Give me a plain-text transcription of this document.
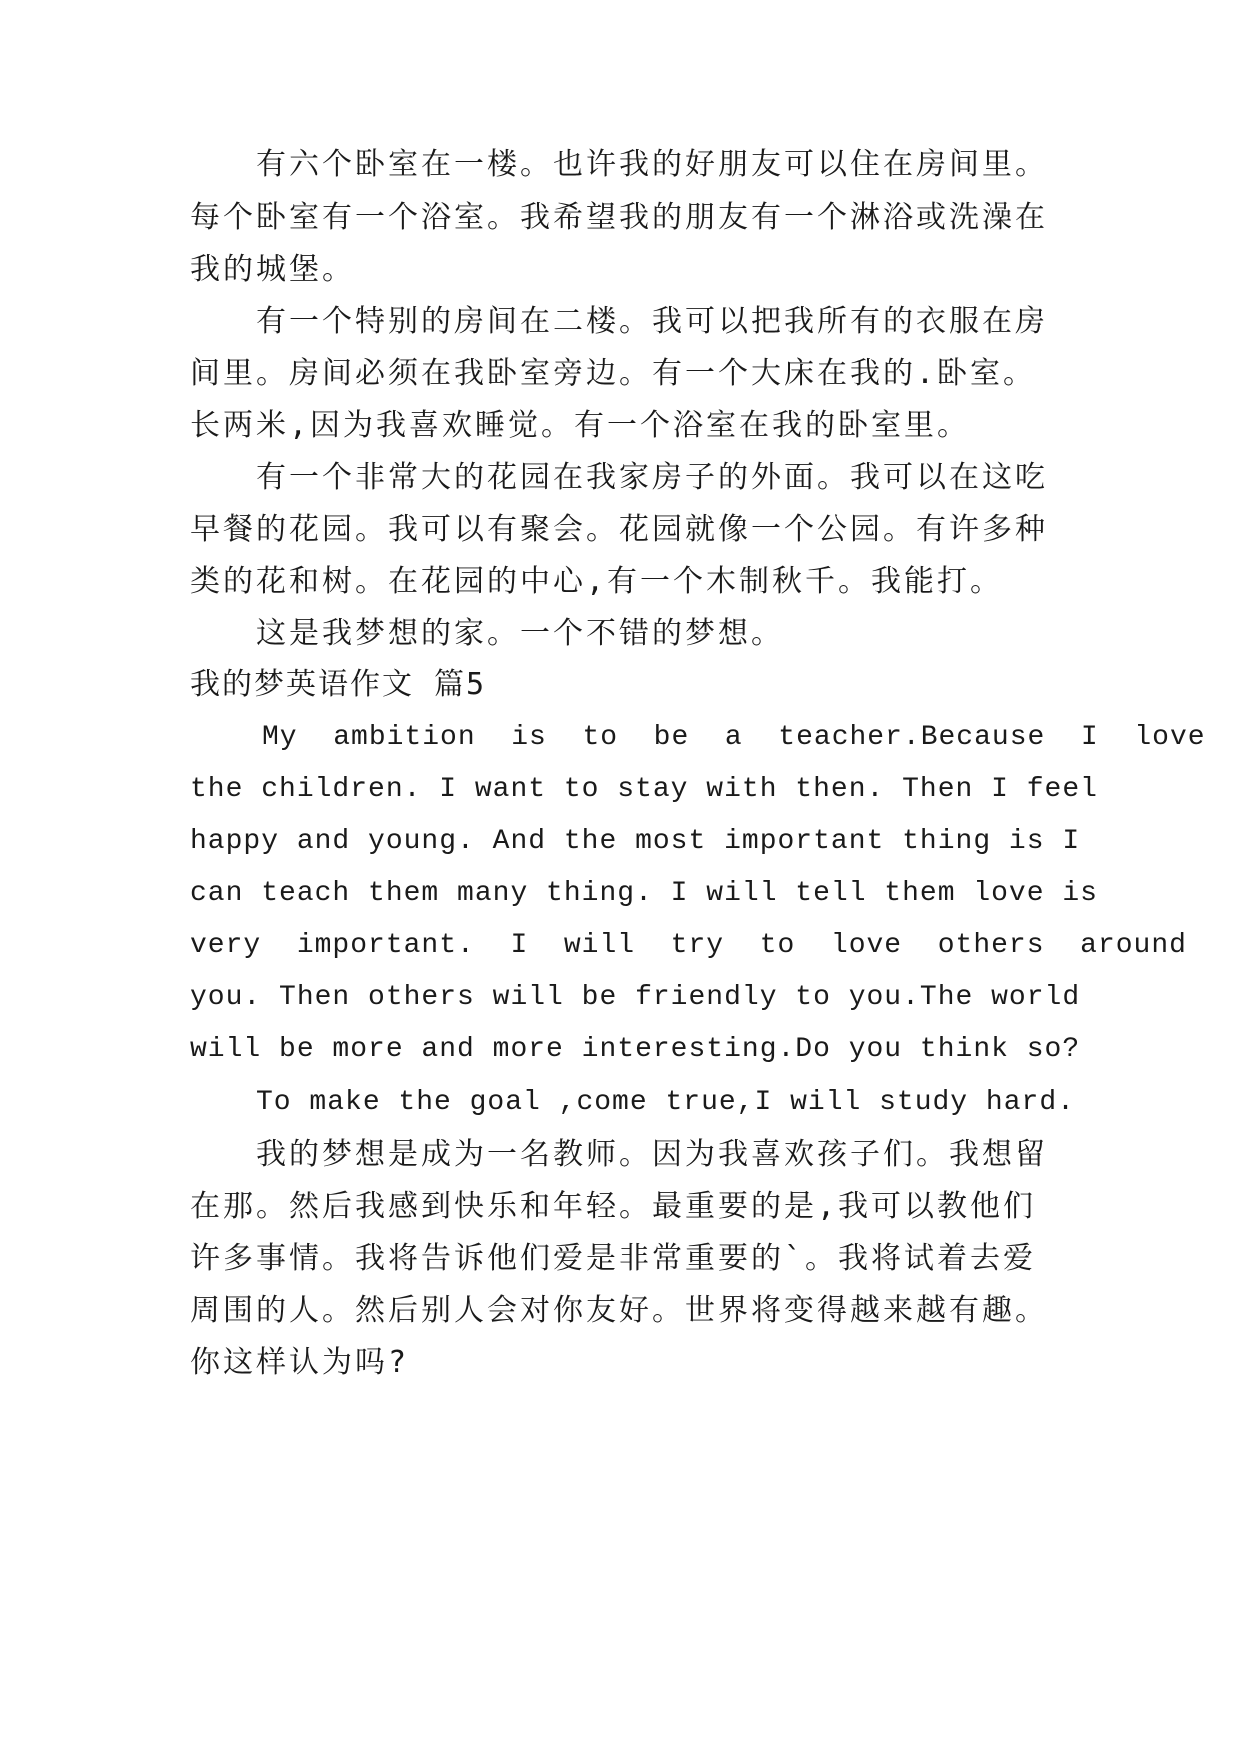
有六个卧室在一楼。也许我的好朋友可以住在房间里。

每个卧室有一个浴室。我希望我的朋友有一个淋浴或洗澡在

我的城堡。

有一个特别的房间在二楼。我可以把我所有的衣服在房

间里。房间必须在我卧室旁边。有一个大床在我的.卧室。

长两米,因为我喜欢睡觉。有一个浴室在我的卧室里。

有一个非常大的花园在我家房子的外面。我可以在这吃

早餐的花园。我可以有聚会。花园就像一个公园。有许多种

类的花和树。在花园的中心,有一个木制秋千。我能打。

这是我梦想的家。一个不错的梦想。

我的梦英语作文 篇5

My  ambition  is  to  be  a  teacher.Because  I  love

the children. I want to stay with then. Then I feel

happy and young. And the most important thing is I

can teach them many thing. I will tell them love is

very  important.  I  will  try  to  love  others  around

you. Then others will be friendly to you.The world

will be more and more interesting.Do you think so?

To make the goal ,come true,I will study hard.

我的梦想是成为一名教师。因为我喜欢孩子们。我想留

在那。然后我感到快乐和年轻。最重要的是,我可以教他们

许多事情。我将告诉他们爱是非常重要的`。我将试着去爱

周围的人。然后别人会对你友好。世界将变得越来越有趣。

你这样认为吗?
